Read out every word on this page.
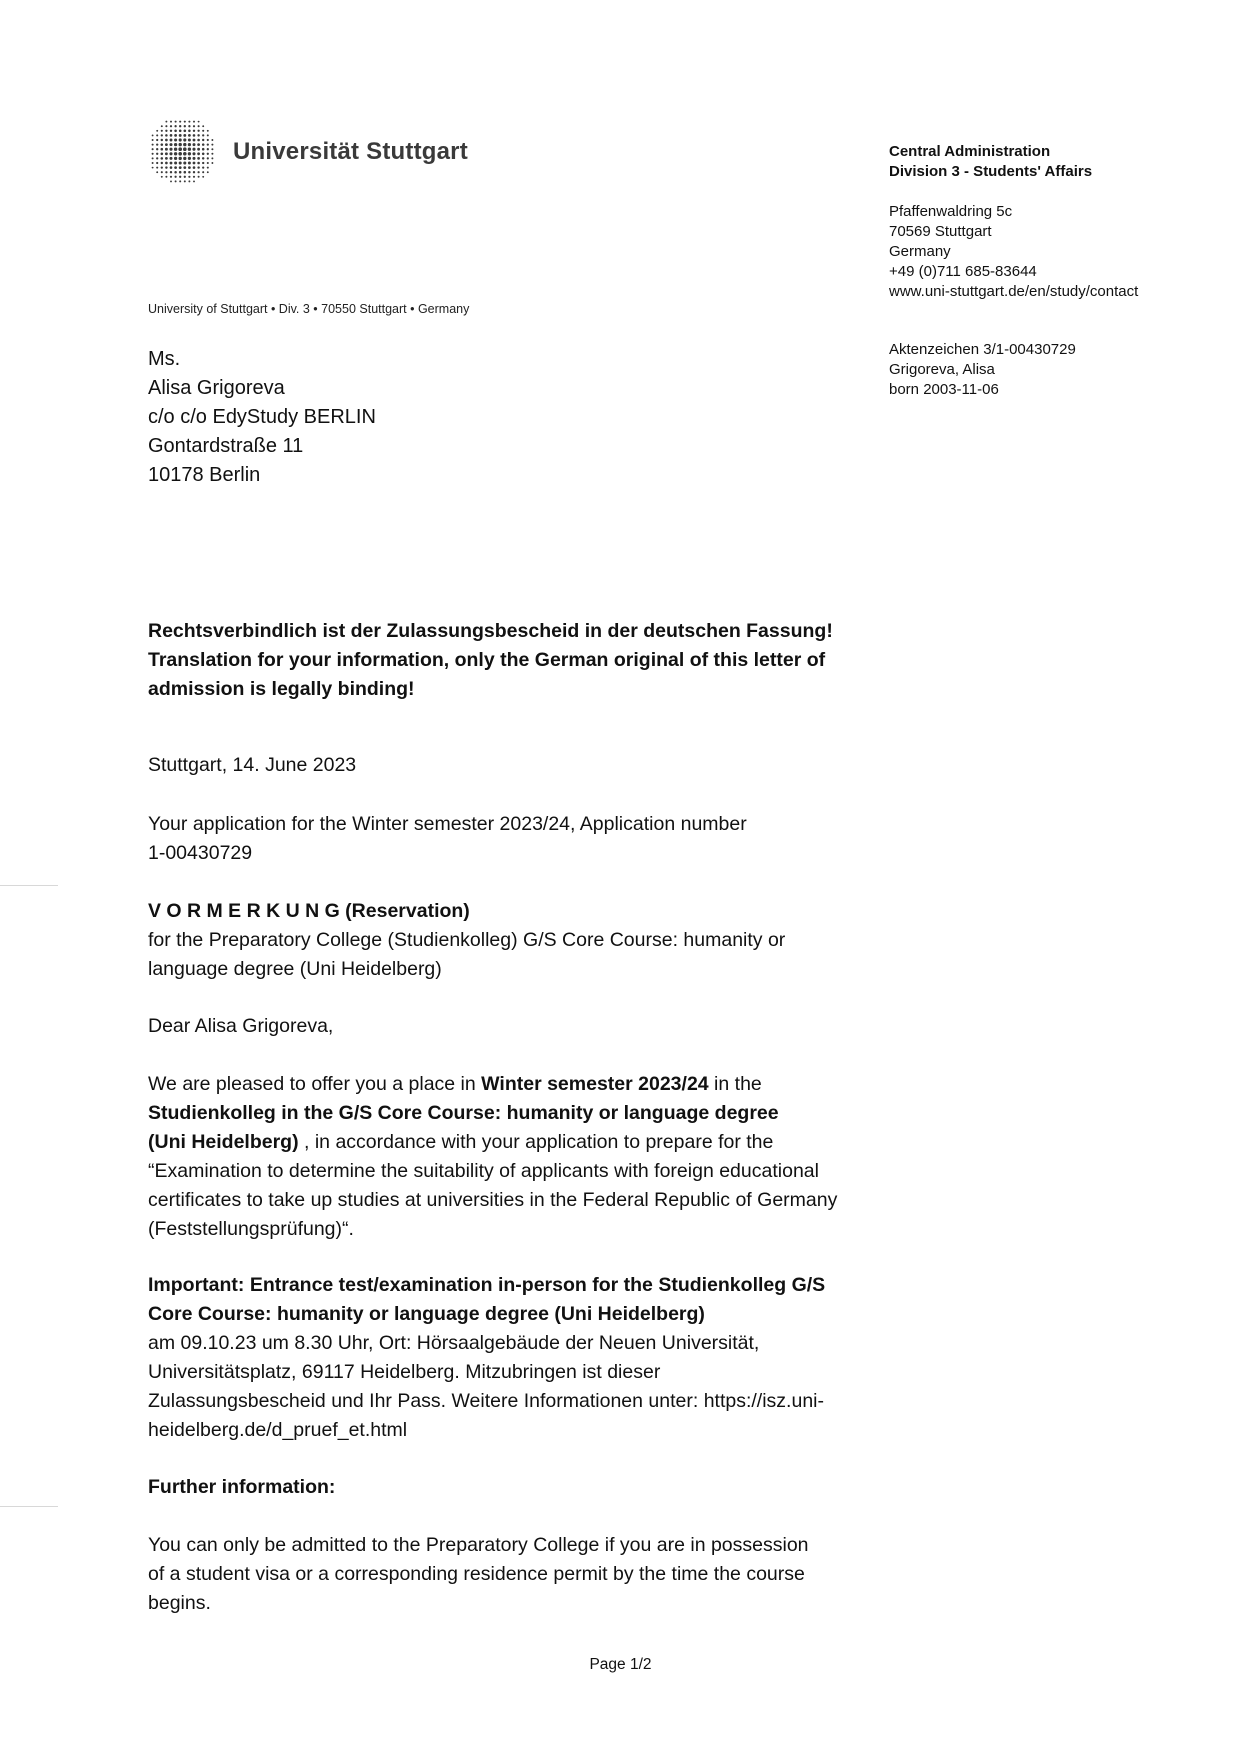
Universität Stuttgart	Central Administration
Division 3 - Students' Affairs
Pfaffenwaldring 5c
70569 Stuttgart
Germany
+49 (0)711 685-83644
www.uni-stuttgart.de/en/study/contact
Aktenzeichen 3/1-00430729
Grigoreva, Alisa
born 2003-11-06
University of Stuttgart • Div. 3 • 70550 Stuttgart • Germany
Ms.
Alisa Grigoreva
c/o c/o EdyStudy BERLIN
Gontardstraße 11
10178 Berlin

Rechtsverbindlich ist der Zulassungsbescheid in der deutschen Fassung!

Translation for your information, only the German original of this letter of

admission is legally binding!

Stuttgart, 14. June 2023

Your application for the Winter semester 2023/24, Application number

1-00430729

V O R M E R K U N G (Reservation)

for the Preparatory College (Studienkolleg) G/S Core Course: humanity or

language degree (Uni Heidelberg)

Dear Alisa Grigoreva,

We are pleased to offer you a place in Winter semester 2023/24 in the

Studienkolleg in the G/S Core Course: humanity or language degree

(Uni Heidelberg) , in accordance with your application to prepare for the

“Examination to determine the suitability of applicants with foreign educational

certificates to take up studies at universities in the Federal Republic of Germany

(Feststellungsprüfung)“.

Important: Entrance test/examination in-person for the Studienkolleg G/S

Core Course: humanity or language degree (Uni Heidelberg)

am 09.10.23 um 8.30 Uhr, Ort: Hörsaalgebäude der Neuen Universität,

Universitätsplatz, 69117 Heidelberg. Mitzubringen ist dieser

Zulassungsbescheid und Ihr Pass. Weitere Informationen unter: https://isz.uni-

heidelberg.de/d_pruef_et.html

Further information:

You can only be admitted to the Preparatory College if you are in possession

of a student visa or a corresponding residence permit by the time the course

begins.

Page 1/2
